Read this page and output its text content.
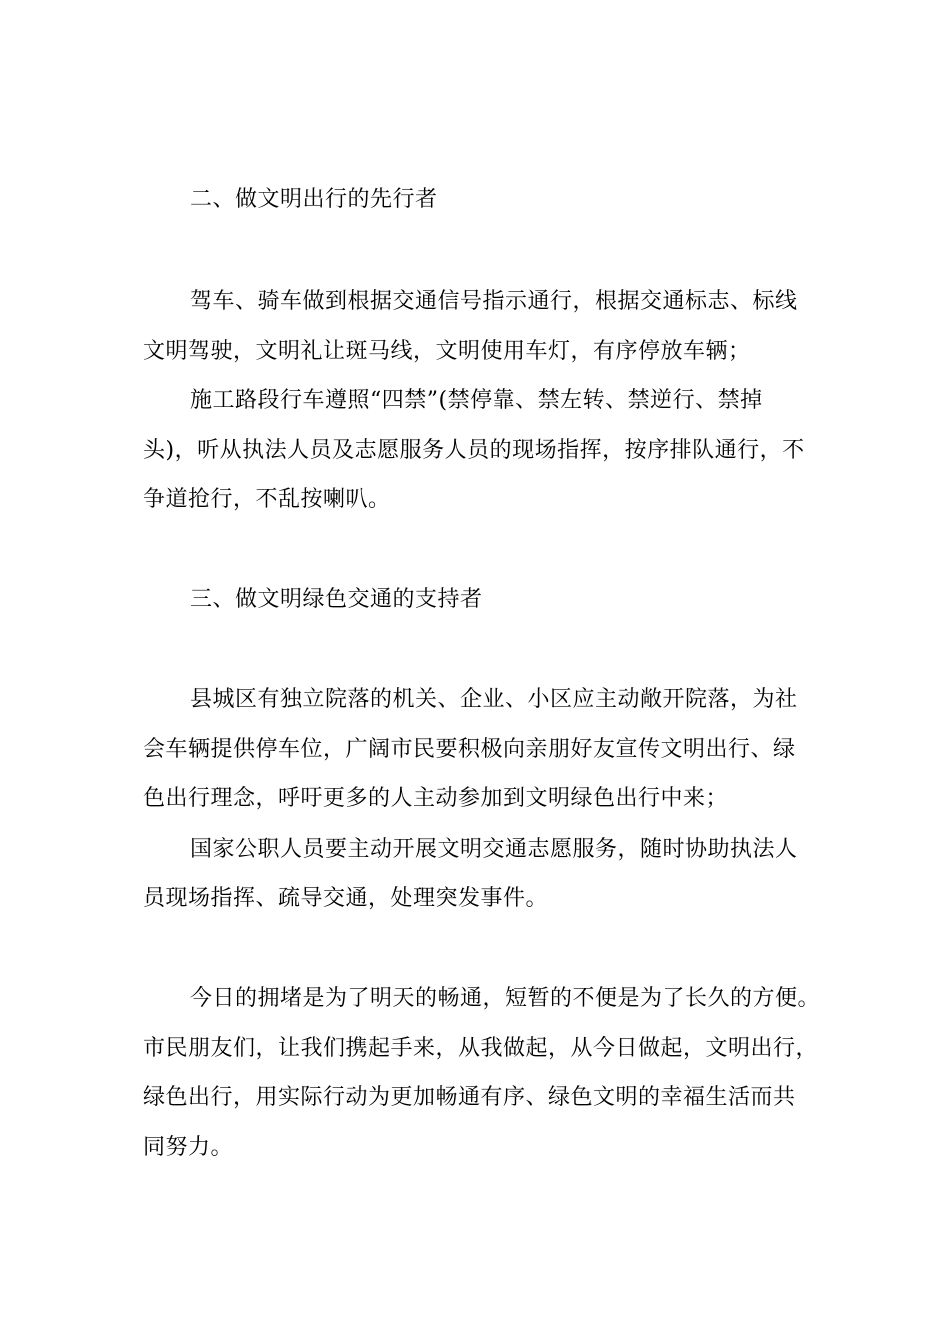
二、做文明出行的先行者
驾车、骑车做到根据交通信号指示通行，根据交通标志、标线
文明驾驶，文明礼让斑马线，文明使用车灯，有序停放车辆；
施工路段行车遵照“四禁”(禁停靠、禁左转、禁逆行、禁掉
头)，听从执法人员及志愿服务人员的现场指挥，按序排队通行，不
争道抢行，不乱按喇叭。
三、做文明绿色交通的支持者
县城区有独立院落的机关、企业、小区应主动敞开院落，为社
会车辆提供停车位，广阔市民要积极向亲朋好友宣传文明出行、绿
色出行理念，呼吁更多的人主动参加到文明绿色出行中来；
国家公职人员要主动开展文明交通志愿服务，随时协助执法人
员现场指挥、疏导交通，处理突发事件。
今日的拥堵是为了明天的畅通，短暂的不便是为了长久的方便。
市民朋友们，让我们携起手来，从我做起，从今日做起，文明出行，
绿色出行，用实际行动为更加畅通有序、绿色文明的幸福生活而共
同努力。
